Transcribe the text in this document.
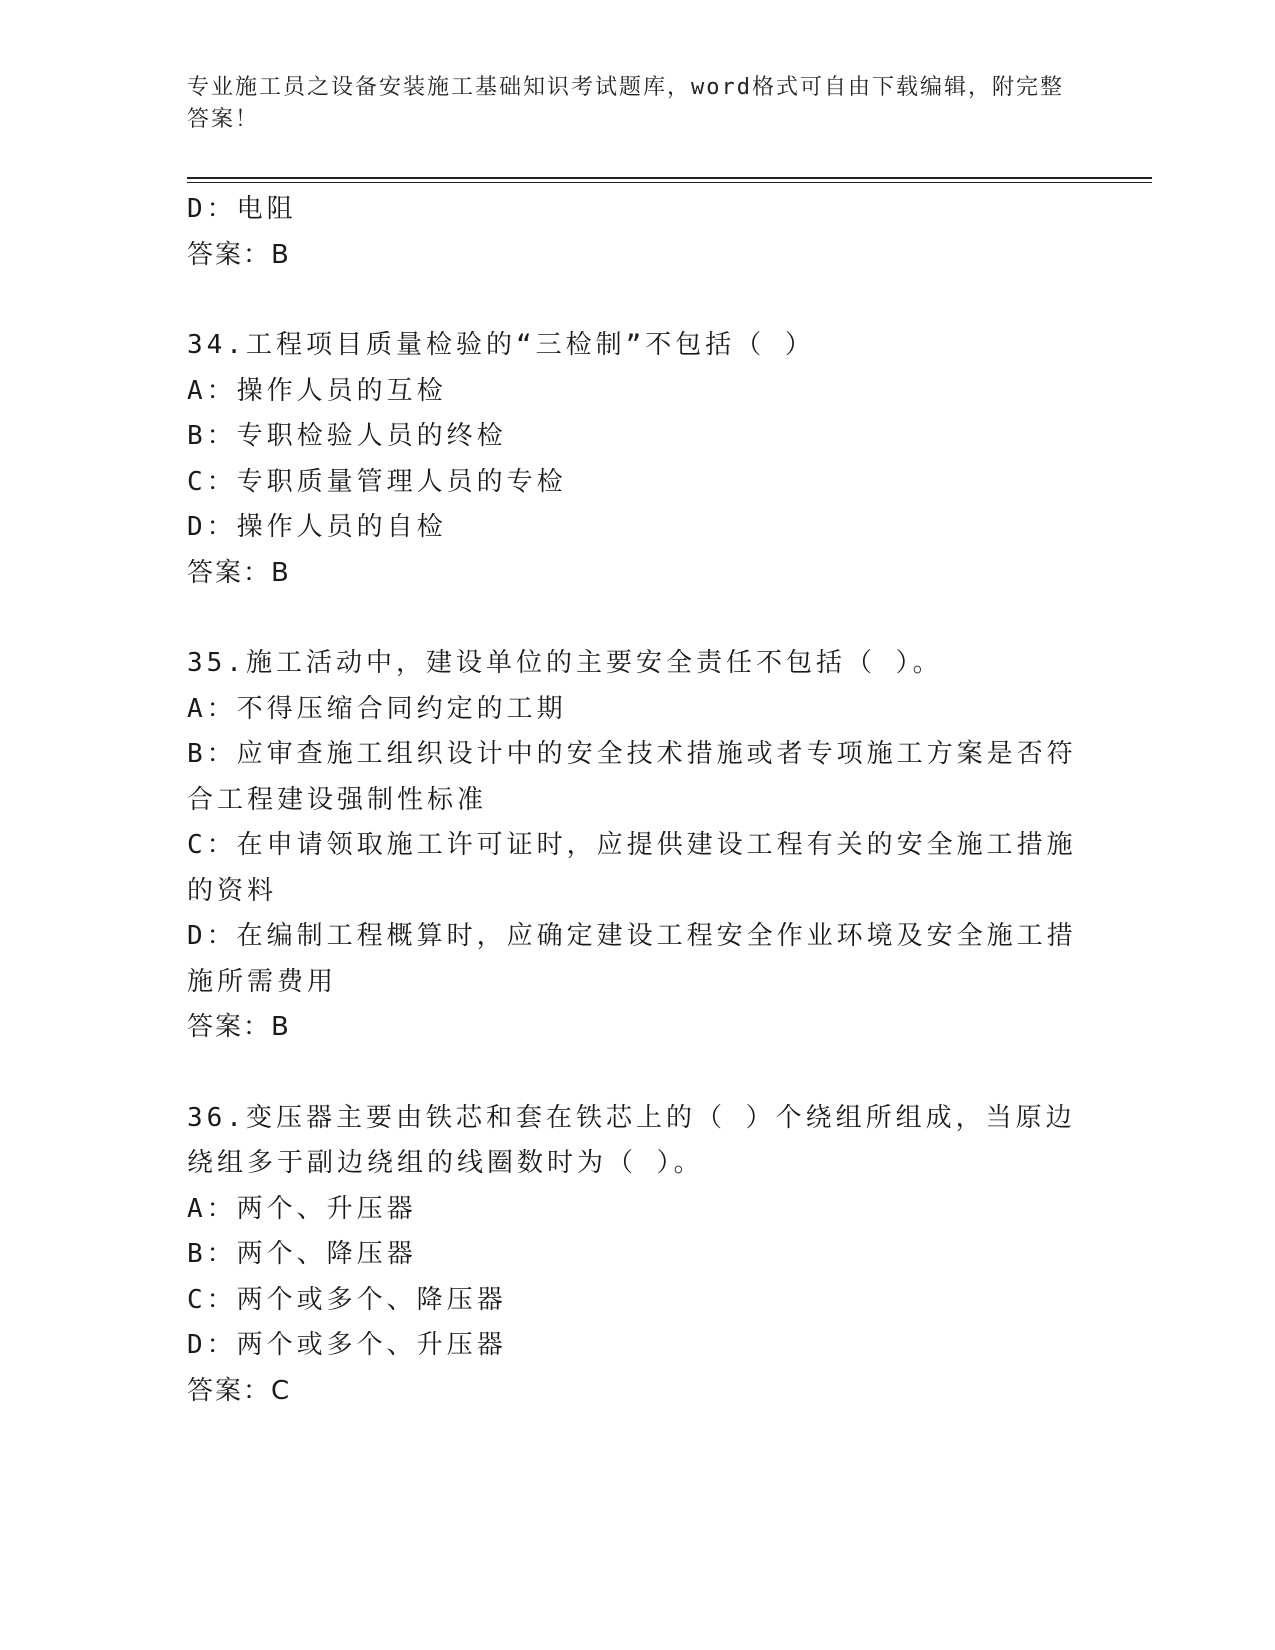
专业施工员之设备安装施工基础知识考试题库，word格式可自由下载编辑，附完整答案！

D：电阻

答案：B

34.工程项目质量检验的“三检制”不包括（ ）

A：操作人员的互检

B：专职检验人员的终检

C：专职质量管理人员的专检

D：操作人员的自检

答案：B

35.施工活动中，建设单位的主要安全责任不包括（ ）。

A：不得压缩合同约定的工期

B：应审查施工组织设计中的安全技术措施或者专项施工方案是否符合工程建设强制性标准

C：在申请领取施工许可证时，应提供建设工程有关的安全施工措施的资料

D：在编制工程概算时，应确定建设工程安全作业环境及安全施工措施所需费用

答案：B

36.变压器主要由铁芯和套在铁芯上的（ ）个绕组所组成，当原边绕组多于副边绕组的线圈数时为（ ）。

A：两个、升压器

B：两个、降压器

C：两个或多个、降压器

D：两个或多个、升压器

答案：C
